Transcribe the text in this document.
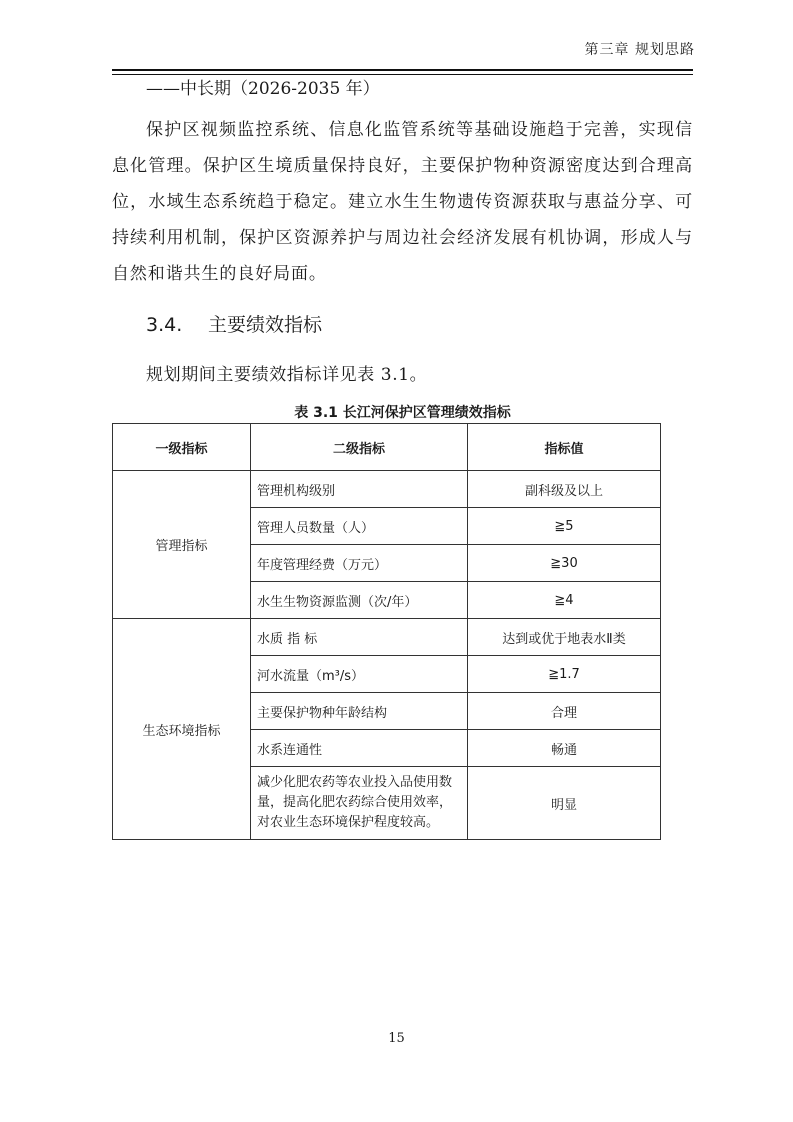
第三章 规划思路

——中长期（2026-2035 年）

保护区视频监控系统、信息化监管系统等基础设施趋于完善，实现信息化管理。保护区生境质量保持良好，主要保护物种资源密度达到合理高位，水域生态系统趋于稳定。建立水生生物遗传资源获取与惠益分享、可持续利用机制，保护区资源养护与周边社会经济发展有机协调，形成人与自然和谐共生的良好局面。

3.4. 主要绩效指标

规划期间主要绩效指标详见表 3.1。

表 3.1 长江河保护区管理绩效指标

一级指标	二级指标	指标值
管理指标	管理机构级别	副科级及以上
	管理人员数量（人）	≧5
	年度管理经费（万元）	≧30
	水生生物资源监测（次/年）	≧4
生态环境指标	水质 指 标	达到或优于地表水Ⅱ类
	河水流量（m³/s）	≧1.7
	主要保护物种年龄结构	合理
	水系连通性	畅通
	减少化肥农药等农业投入品使用数量，提高化肥农药综合使用效率，对农业生态环境保护程度较高。	明显
15
